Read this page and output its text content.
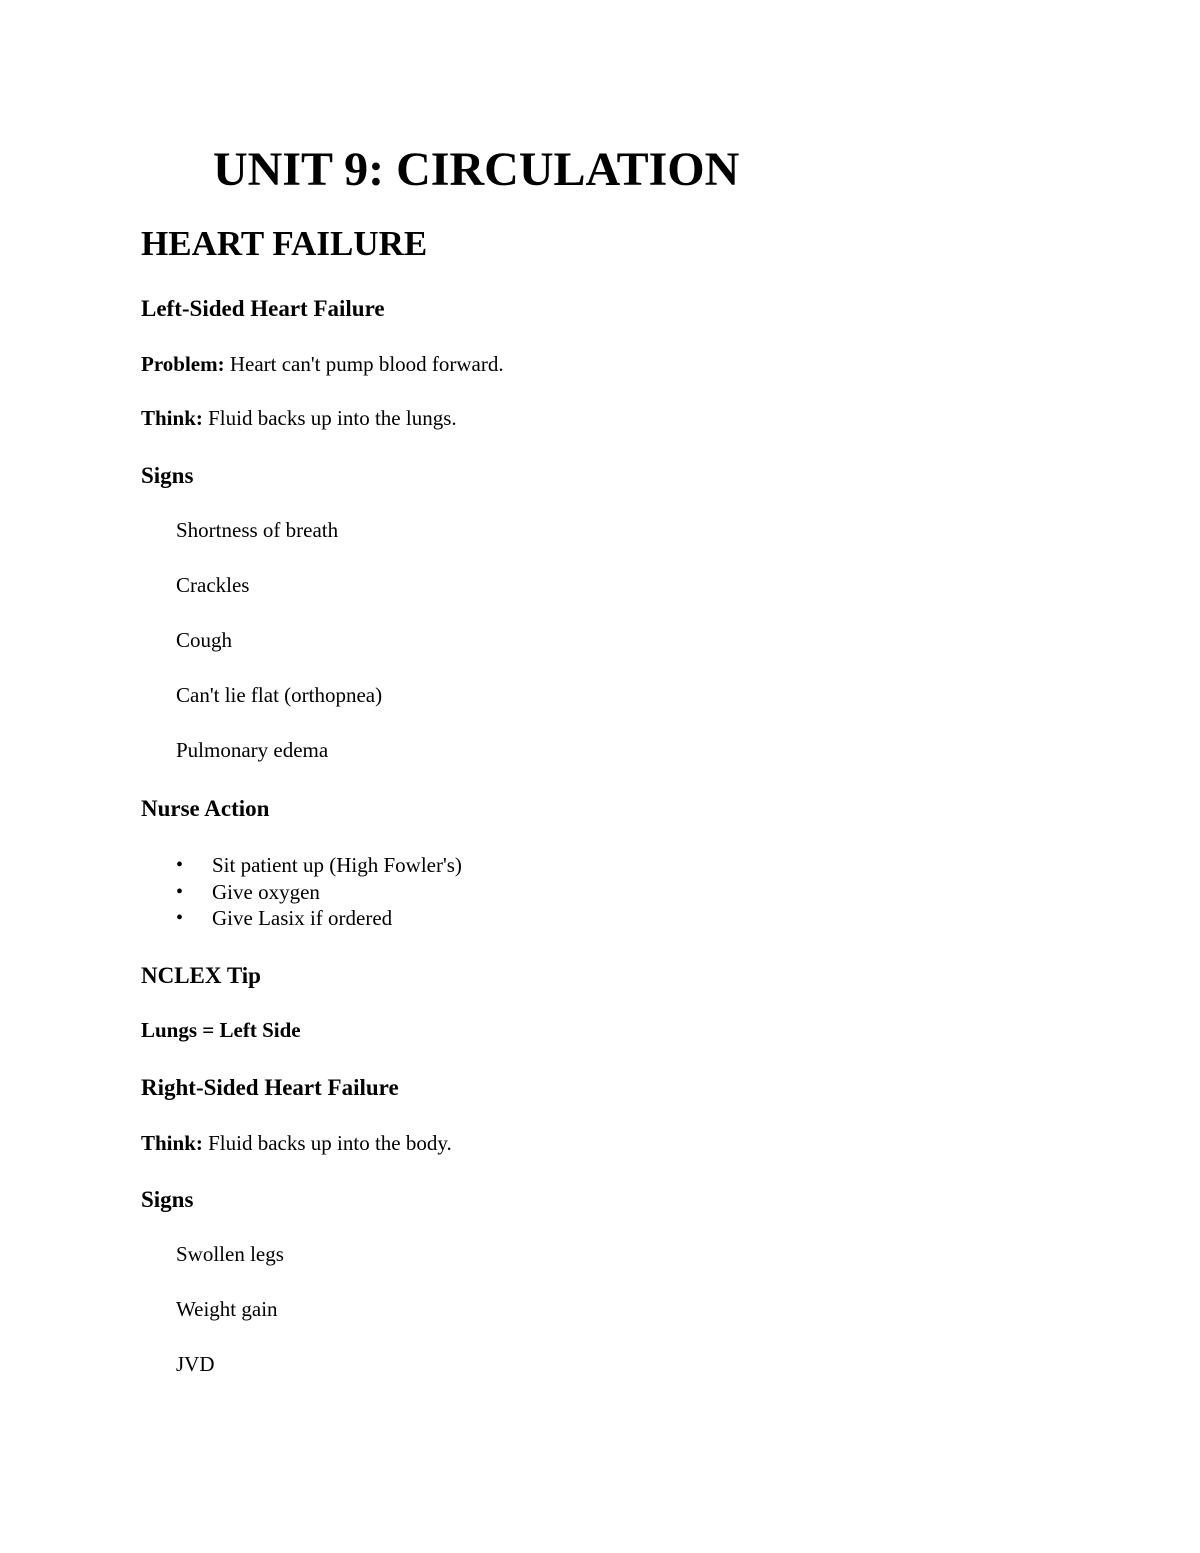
UNIT 9: CIRCULATION
HEART FAILURE
Left-Sided Heart Failure

Problem: Heart can't pump blood forward.

Think: Fluid backs up into the lungs.

Signs

Shortness of breath

Crackles

Cough

Can't lie flat (orthopnea)

Pulmonary edema

Nurse Action
• Sit patient up (High Fowler's)
• Give oxygen
• Give Lasix if ordered
NCLEX Tip

Lungs = Left Side

Right-Sided Heart Failure

Think: Fluid backs up into the body.

Signs

Swollen legs

Weight gain

JVD
